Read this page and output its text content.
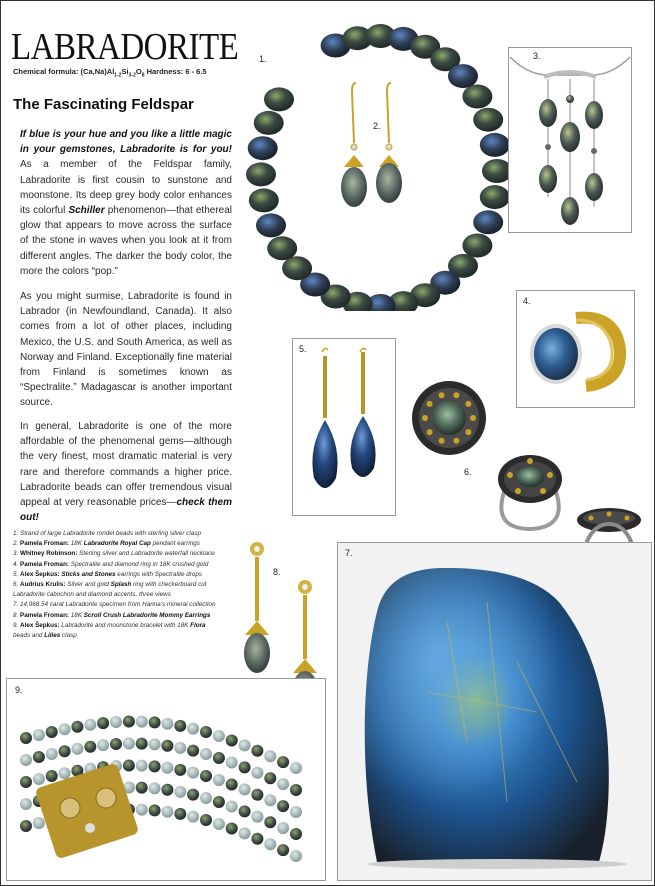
LABRADORITE
Chemical formula: $(Ca,Na)Al_{1-2}Si_{3-2}O_8$ Hardness: 6 - 6.5
The Fascinating Feldspar
If blue is your hue and you like a little magic in your gemstones, Labradorite is for you! As a member of the Feldspar family, Labradorite is first cousin to sunstone and moonstone. Its deep grey body color enhances its colorful Schiller phenomenon—that ethereal glow that appears to move across the surface of the stone in waves when you look at it from different angles. The darker the body color, the more the colors “pop.”
As you might surmise, Labradorite is found in Labrador (in Newfoundland, Canada). It also comes from a lot of other places, including Mexico, the U.S. and South America, as well as Norway and Finland. Exceptionally fine material from Finland is sometimes known as “Spectralite.” Madagascar is another important source.
In general, Labradorite is one of the more affordable of the phenomenal gems—although the very finest, most dramatic material is very rare and therefore commands a higher price. Labradorite beads can offer tremendous visual appeal at very reasonable prices—check them out!
1. Strand of large Labradorite rondel beads with sterling silver clasp
2. Pamela Froman: 18K Labradorite Royal Cap pendant earrings
3. Whitney Robinson: Sterling silver and Labradorite waterfall necklace
4. Pamela Froman: Spectralite and diamond ring in 18K crushed gold
5. Alex Šepkus: Sticks and Stones earrings with Spectralite drops
6. Audrius Krulis: Silver and gold Splash ring with checkerboard cut
Labradorite cabochon and diamond accents, three views
7. 14,968.54 carat Labradorite specimen from Hanna’s mineral collection
8. Pamela Froman: 18K Scroll Crush Labradorite Mommy Earrings
9. Alex Šepkus: Labradorite and moonstone bracelet with 18K Flora
beads and Lilies clasp
1.
2.
3.
4.
5.
6.
7.
8.
9.
